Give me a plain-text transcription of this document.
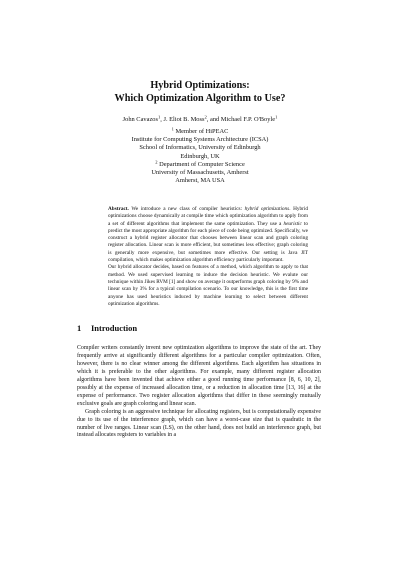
Hybrid Optimizations:
Which Optimization Algorithm to Use?
John Cavazos$^1$, J. Eliot B. Moss$^2$, and Michael F.P. O'Boyle$^1$
$^1$ Member of HiPEAC
Institute for Computing Systems Architecture (ICSA)
School of Informatics, University of Edinburgh
Edinburgh, UK
$^2$ Department of Computer Science
University of Massachusetts, Amherst
Amherst, MA USA

Abstract. We introduce a new class of compiler heuristics: hybrid optimizations. Hybrid optimizations choose dynamically at compile time which optimization algorithm to apply from a set of different algorithms that implement the same optimization. They use a heuristic to predict the most appropriate algorithm for each piece of code being optimized. Specifically, we construct a hybrid register allocator that chooses between linear scan and graph coloring register allocation. Linear scan is more efficient, but sometimes less effective; graph coloring is generally more expensive, but sometimes more effective. Our setting is Java JIT compilation, which makes optimization algorithm efficiency particularly important.

Our hybrid allocator decides, based on features of a method, which algorithm to apply to that method. We used supervised learning to induce the decision heuristic. We evalute our technique within Jikes RVM [1] and show on average it outperforms graph coloring by 9% and linear scan by 3% for a typical compilation scenario. To our knowledge, this is the first time anyone has used heuristics induced by machine learning to select between different optimization algorithms.

1 Introduction

Compiler writers constantly invent new optimization algorithms to improve the state of the art. They frequently arrive at significantly different algorithms for a particular compiler optimization. Often, however, there is no clear winner among the different algorithms. Each algorithm has situations in which it is preferable to the other algorithms. For example, many different register allocation algorithms have been invented that achieve either a good running time performance [8, 6, 10, 2], possibly at the expense of increased allocation time, or a reduction in allocation time [13, 16] at the expense of performance. Two register allocation algorithms that differ in these seemingly mutually exclusive goals are graph coloring and linear scan.

Graph coloring is an aggressive technique for allocating registers, but is computationally expensive due to its use of the interference graph, which can have a worst-case size that is quadratic in the number of live ranges. Linear scan (LS), on the other hand, does not build an interference graph, but instead allocates registers to variables in a
